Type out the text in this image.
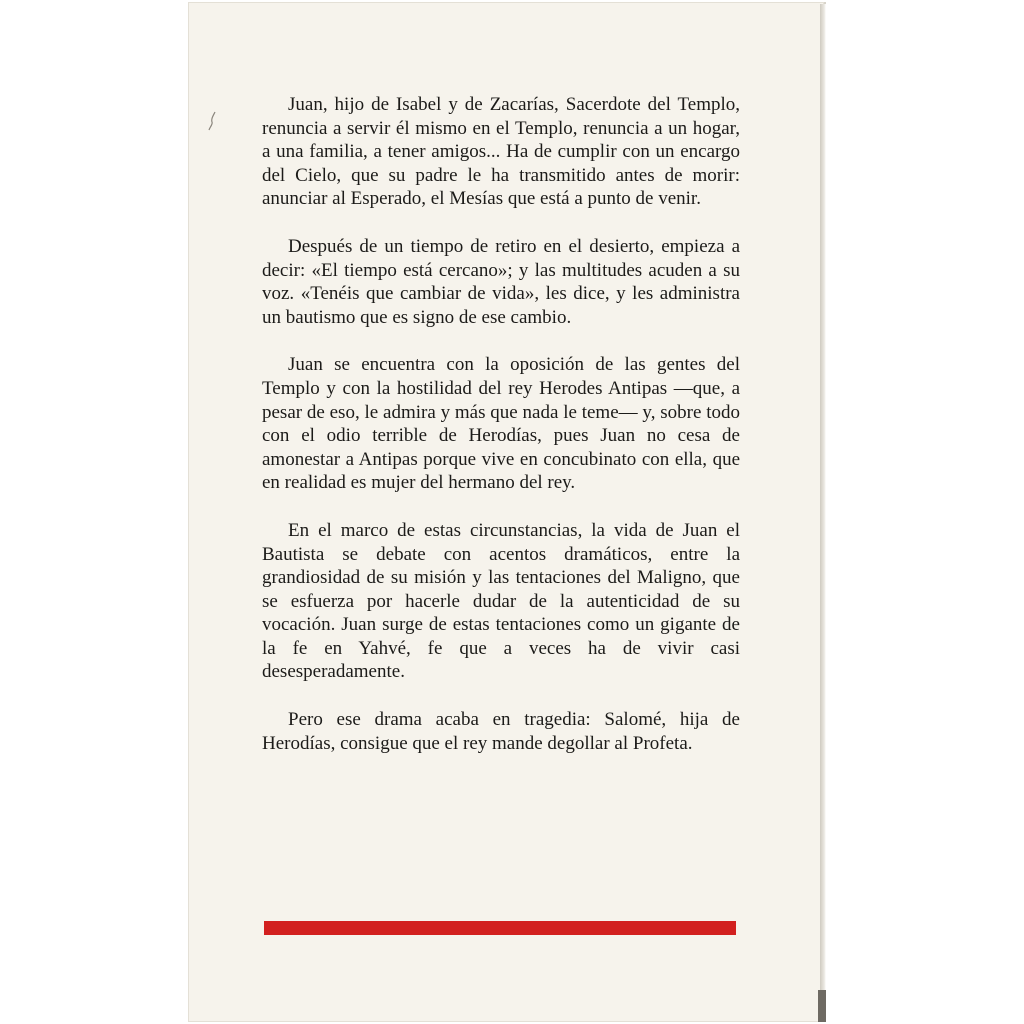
Juan, hijo de Isabel y de Zacarías, Sacerdote del Templo, renuncia a servir él mismo en el Templo, renuncia a un hogar, a una familia, a tener amigos... Ha de cumplir con un encargo del Cielo, que su padre le ha transmitido antes de morir: anunciar al Esperado, el Mesías que está a punto de venir.

Después de un tiempo de retiro en el desierto, empieza a decir: «El tiempo está cercano»; y las multitudes acuden a su voz. «Tenéis que cambiar de vida», les dice, y les administra un bautismo que es signo de ese cambio.

Juan se encuentra con la oposición de las gentes del Templo y con la hostilidad del rey Herodes Antipas —que, a pesar de eso, le admira y más que nada le teme— y, sobre todo con el odio terrible de Herodías, pues Juan no cesa de amonestar a Antipas porque vive en concubinato con ella, que en realidad es mujer del hermano del rey.

En el marco de estas circunstancias, la vida de Juan el Bautista se debate con acentos dramáticos, entre la grandiosidad de su misión y las tentaciones del Maligno, que se esfuerza por hacerle dudar de la autenticidad de su vocación. Juan surge de estas tentaciones como un gigante de la fe en Yahvé, fe que a veces ha de vivir casi desesperadamente.

Pero ese drama acaba en tragedia: Salomé, hija de Herodías, consigue que el rey mande degollar al Profeta.
